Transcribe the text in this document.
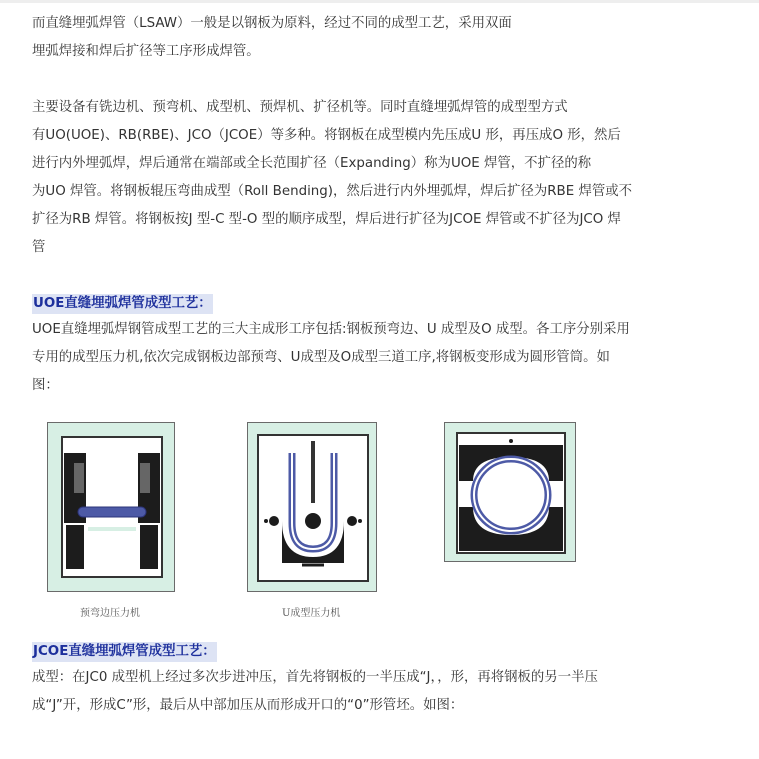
而直缝埋弧焊管（LSAW）一般是以钢板为原料，经过不同的成型工艺，采用双面

埋弧焊接和焊后扩径等工序形成焊管。

主要设备有铣边机、预弯机、成型机、预焊机、扩径机等。同时直缝埋弧焊管的成型型方式

有UO(UOE)、RB(RBE)、JCO（JCOE）等多种。将钢板在成型模内先压成U 形，再压成O 形，然后

进行内外埋弧焊，焊后通常在端部或全长范围扩径（Expanding）称为UOE 焊管，不扩径的称

为UO 焊管。将钢板辊压弯曲成型（Roll Bending)，然后进行内外埋弧焊，焊后扩径为RBE 焊管或不

扩径为RB 焊管。将钢板按J 型-C 型-O 型的顺序成型，焊后进行扩径为JCOE 焊管或不扩径为JCO 焊

管

UOE直缝埋弧焊管成型工艺：

UOE直缝埋弧焊钢管成型工艺的三大主成形工序包括:钢板预弯边、U 成型及O 成型。各工序分别采用

专用的成型压力机,依次完成钢板边部预弯、U成型及O成型三道工序,将钢板变形成为圆形管筒。如

图：

预弯边压力机	U成型压力机
JCOE直缝埋弧焊管成型工艺：

成型：在JC0 成型机上经过多次步进冲压，首先将钢板的一半压成“J，，形，再将钢板的另一半压

成“J”开，形成C”形，最后从中部加压从而形成开口的“0”形管坯。如图：
